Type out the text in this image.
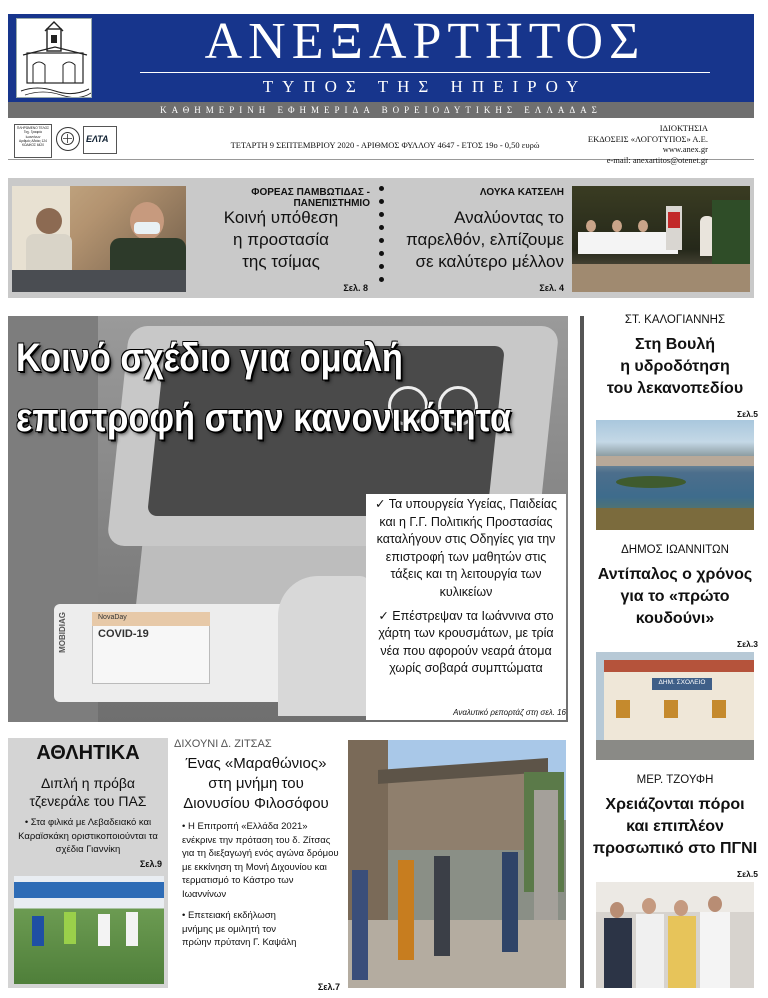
ΑΝΕΞΑΡΤΗΤΟΣ
ΤΥΠΟΣ ΤΗΣ ΗΠΕΙΡΟΥ
ΚΑΘΗΜΕΡΙΝΗ ΕΦΗΜΕΡΙΔΑ ΒΟΡΕΙΟΔΥΤΙΚΗΣ ΕΛΛΑΔΑΣ
ΠΛΗΡΩΜΕΝΟ ΤΕΛΟΣ
Ταχ. Γραφείο
Ιωαννίνων
Αριθμός Αδείας 124
ΚΩΔΙΚΟΣ 6420
ΕΛΤΑ
ΤΕΤΑΡΤΗ 9 ΣΕΠΤΕΜΒΡΙΟΥ 2020 - ΑΡΙΘΜΟΣ ΦΥΛΛΟΥ 4647 - ΕΤΟΣ 19ο - 0,50 ευρώ
ΙΔΙΟΚΤΗΣΙΑ
ΕΚΔΟΣΕΙΣ «ΛΟΓΟΤΥΠΟΣ» Α.Ε.
www.anex.gr
e-mail: anexartitos@otenet.gr
ΦΟΡΕΑΣ ΠΑΜΒΩΤΙΔΑΣ - ΠΑΝΕΠΙΣΤΗΜΙΟ
Κοινή υπόθεση
η προστασία
της τσίμας
Σελ. 8
ΛΟΥΚΑ ΚΑΤΣΕΛΗ
Αναλύοντας το
παρελθόν, ελπίζουμε
σε καλύτερο μέλλον
Σελ. 4
NovaDay
COVID-19
MOBIDIAG
Κοινό σχέδιο για ομαλή
επιστροφή στην κανονικότητα
✓ Τα υπουργεία Υγείας, Παιδείας και η Γ.Γ. Πολιτικής Προστασίας καταλήγουν στις Οδηγίες για την επιστροφή των μαθητών στις τάξεις και τη λειτουργία των κυλικείων
✓ Επέστρεψαν τα Ιωάννινα στο χάρτη των κρουσμάτων, με τρία νέα που αφορούν νεαρά άτομα χωρίς σοβαρά συμπτώματα
Αναλυτικό ρεπορτάζ στη σελ. 16
ΣΤ. ΚΑΛΟΓΙΑΝΝΗΣ
Στη Βουλή
η υδροδότηση
του λεκανοπεδίου
Σελ.5
ΔΗΜΟΣ ΙΩΑΝΝΙΤΩΝ
Αντίπαλος ο χρόνος
για το «πρώτο
κουδούνι»
Σελ.3
ΔΗΜ. ΣΧΟΛΕΙΟ
ΜΕΡ. ΤΖΟΥΦΗ
Χρειάζονται πόροι
και επιπλέον
προσωπικό στο ΠΓΝΙ
Σελ.5
ΑΘΛΗΤΙΚΑ
Διπλή η πρόβα
τζενεράλε του ΠΑΣ
• Στα φιλικά με Λεβαδειακό και Καραϊσκάκη οριστικοποιούνται τα σχέδια Γιαννίκη
Σελ.9
ΔΙΧΟΥΝΙ Δ. ΖΙΤΣΑΣ
Ένας «Μαραθώνιος»
στη μνήμη του
Διονυσίου Φιλοσόφου
• Η Επιτροπή «Ελλάδα 2021» ενέκρινε την πρόταση του δ. Ζίτσας για τη διεξαγωγή ενός αγώνα δρόμου με εκκίνηση τη Μονή Διχουνίου και τερματισμό το Κάστρο των Ιωαννίνων
• Επετειακή εκδήλωση μνήμης με ομιλητή τον πρώην πρύτανη Γ. Καψάλη
Σελ.7
